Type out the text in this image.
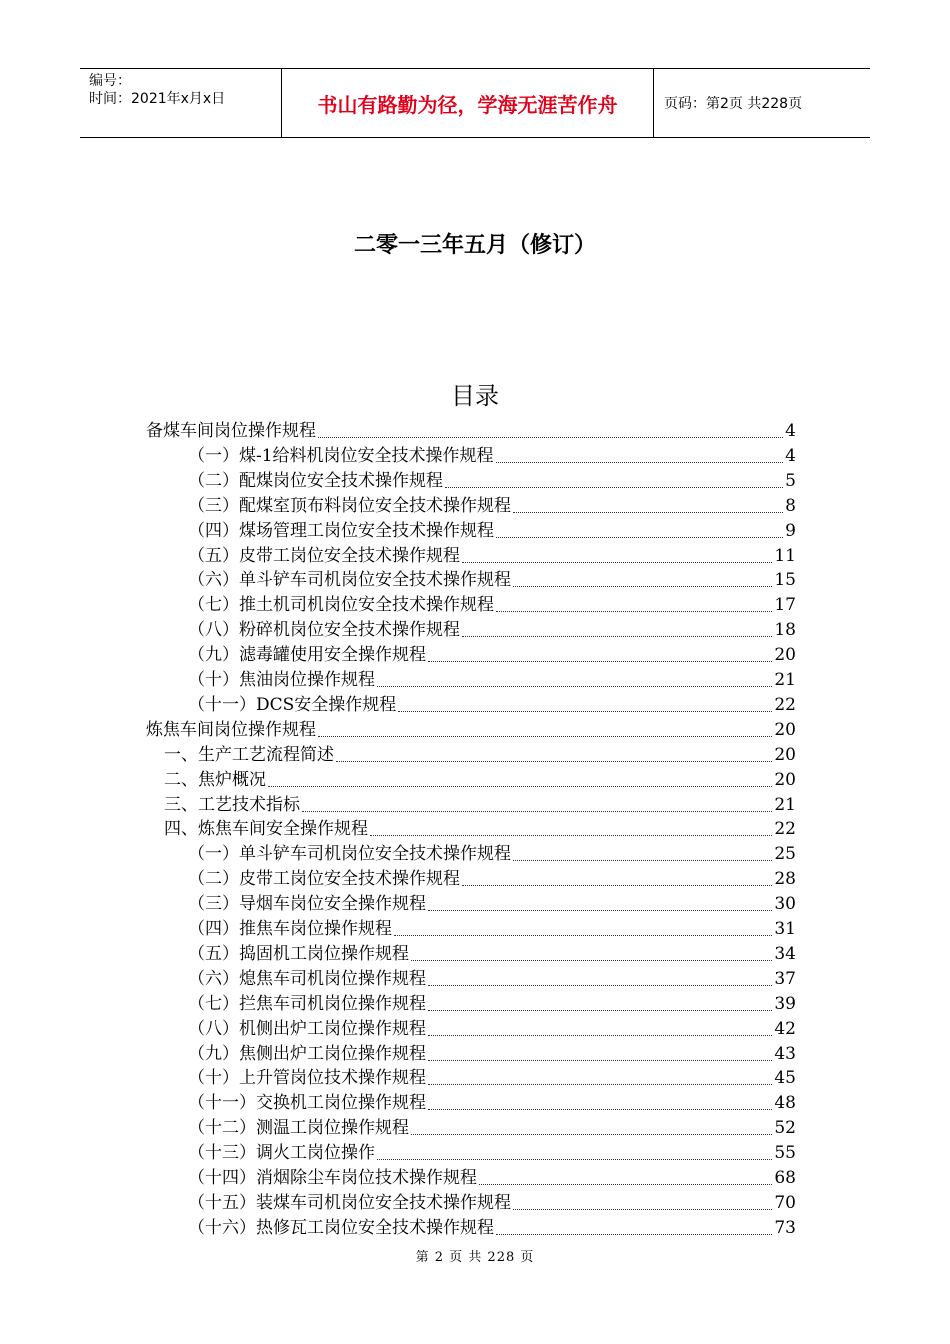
编号：
时间：2021年x月x日	书山有路勤为径，学海无涯苦作舟	页码：第2页 共228页
二零一三年五月（修订）
目录
备煤车间岗位操作规程	4
（一）煤-1给料机岗位安全技术操作规程	4
（二）配煤岗位安全技术操作规程	5
（三）配煤室顶布料岗位安全技术操作规程	8
（四）煤场管理工岗位安全技术操作规程	9
（五）皮带工岗位安全技术操作规程	11
（六）单斗铲车司机岗位安全技术操作规程	15
（七）推土机司机岗位安全技术操作规程	17
（八）粉碎机岗位安全技术操作规程	18
（九）滤毒罐使用安全操作规程	20
（十）焦油岗位操作规程	21
（十一）DCS安全操作规程	22
炼焦车间岗位操作规程	20
一、生产工艺流程简述	20
二、焦炉概况	20
三、工艺技术指标	21
四、炼焦车间安全操作规程	22
（一）单斗铲车司机岗位安全技术操作规程	25
（二）皮带工岗位安全技术操作规程	28
（三）导烟车岗位安全操作规程	30
（四）推焦车岗位操作规程	31
（五）捣固机工岗位操作规程	34
（六）熄焦车司机岗位操作规程	37
（七）拦焦车司机岗位操作规程	39
（八）机侧出炉工岗位操作规程	42
（九）焦侧出炉工岗位操作规程	43
（十）上升管岗位技术操作规程	45
（十一）交换机工岗位操作规程	48
（十二）测温工岗位操作规程	52
（十三）调火工岗位操作	55
（十四）消烟除尘车岗位技术操作规程	68
（十五）装煤车司机岗位安全技术操作规程	70
（十六）热修瓦工岗位安全技术操作规程	73
第 2 页 共 228 页
